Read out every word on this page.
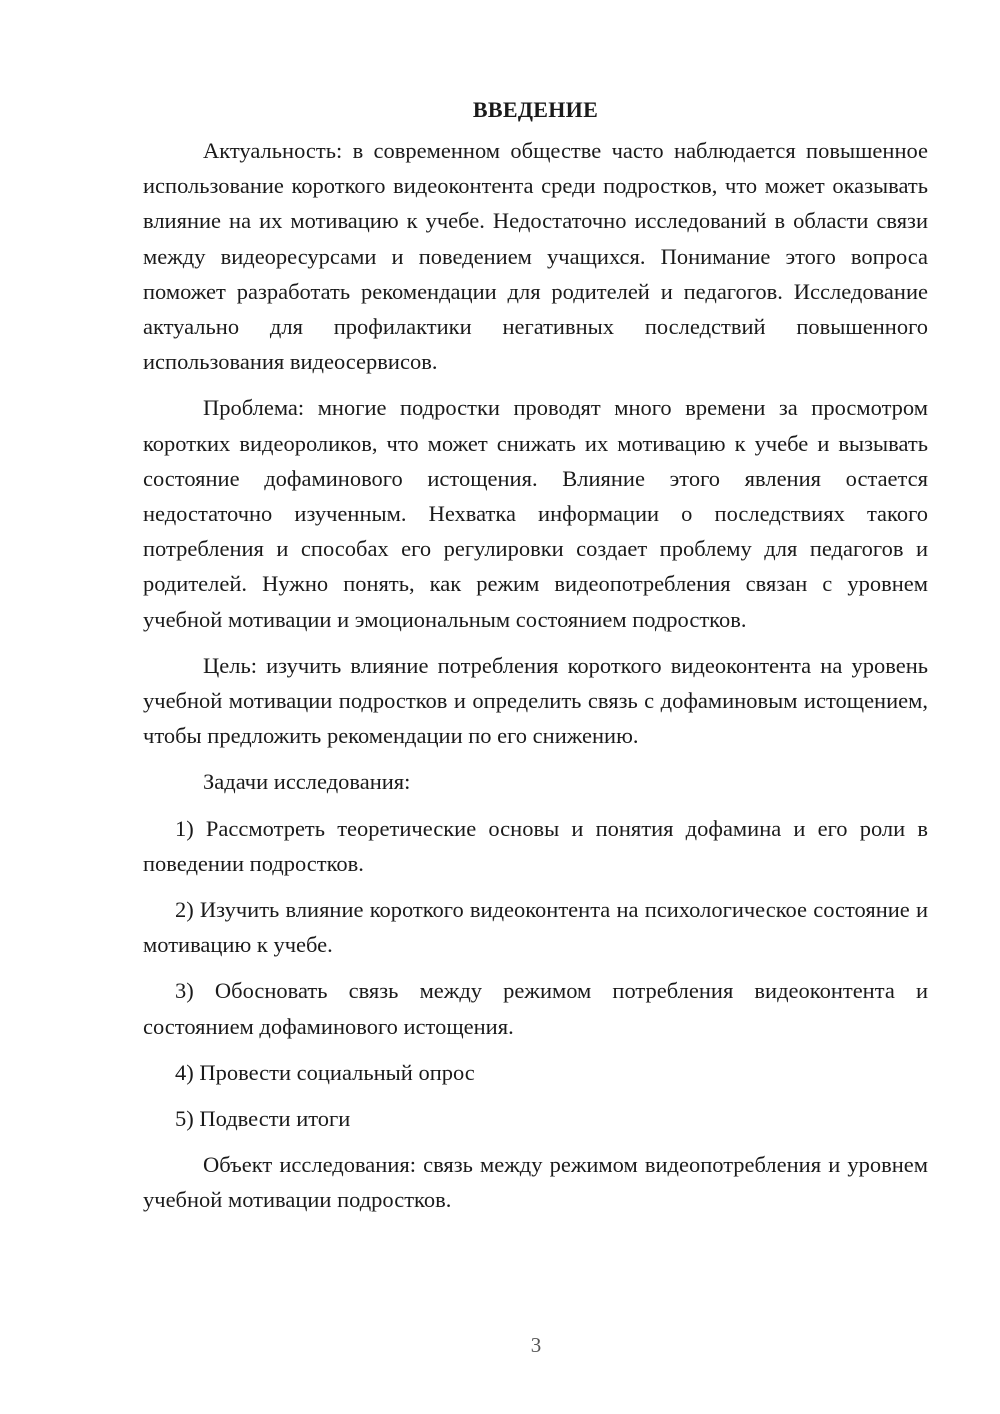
ВВЕДЕНИЕ

Актуальность: в современном обществе часто наблюдается повышенное использование короткого видеоконтента среди подростков, что может оказывать влияние на их мотивацию к учебе. Недостаточно исследований в области связи между видеоресурсами и поведением учащихся. Понимание этого вопроса поможет разработать рекомендации для родителей и педагогов. Исследование актуально для профилактики негативных последствий повышенного использования видеосервисов.

Проблема: многие подростки проводят много времени за просмотром коротких видеороликов, что может снижать их мотивацию к учебе и вызывать состояние дофаминового истощения. Влияние этого явления остается недостаточно изученным. Нехватка информации о последствиях такого потребления и способах его регулировки создает проблему для педагогов и родителей. Нужно понять, как режим видеопотребления связан с уровнем учебной мотивации и эмоциональным состоянием подростков.

Цель: изучить влияние потребления короткого видеоконтента на уровень учебной мотивации подростков и определить связь с дофаминовым истощением, чтобы предложить рекомендации по его снижению.

Задачи исследования:

1) Рассмотреть теоретические основы и понятия дофамина и его роли в поведении подростков.

2) Изучить влияние короткого видеоконтента на психологическое состояние и мотивацию к учебе.

3) Обосновать связь между режимом потребления видеоконтента и состоянием дофаминового истощения.

4) Провести социальный опрос

5) Подвести итоги

Объект исследования: связь между режимом видеопотребления и уровнем учебной мотивации подростков.

3
